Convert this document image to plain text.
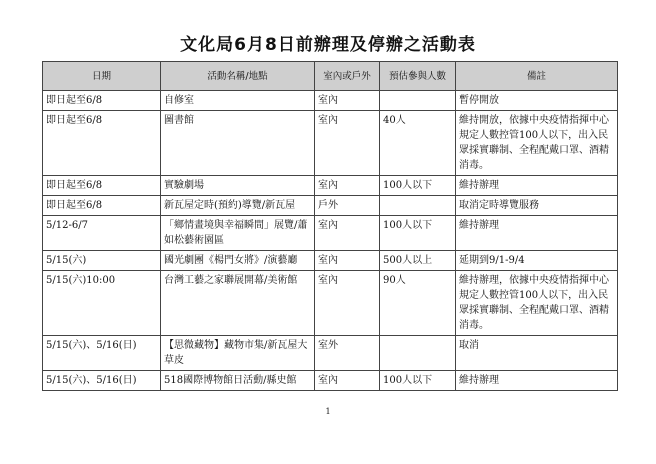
文化局6月8日前辦理及停辦之活動表
日期	活動名稱/地點	室內或戶外	預估參與人數	備註
即日起至6/8	自修室	室內		暫停開放
即日起至6/8	圖書館	室內	40人	維持開放，依據中央疫情指揮中心規定人數控管100人以下，出入民眾採實聯制、全程配戴口罩、酒精消毒。
即日起至6/8	實驗劇場	室內	100人以下	維持辦理
即日起至6/8	新瓦屋定時(預約)導覽/新瓦屋	戶外		取消定時導覽服務
5/12-6/7	「鄉情畫境與幸福瞬間」展覽/蕭如松藝術園區	室內	100人以下	維持辦理
5/15(六)	國光劇團《楊門女將》/演藝廳	室內	500人以上	延期到9/1-9/4
5/15(六)10:00	台灣工藝之家聯展開幕/美術館	室內	90人	維持辦理，依據中央疫情指揮中心規定人數控管100人以下，出入民眾採實聯制、全程配戴口罩、酒精消毒。
5/15(六)、5/16(日)	【思微藏物】藏物市集/新瓦屋大草皮	室外		取消
5/15(六)、5/16(日)	518國際博物館日活動/縣史館	室內	100人以下	維持辦理
1
